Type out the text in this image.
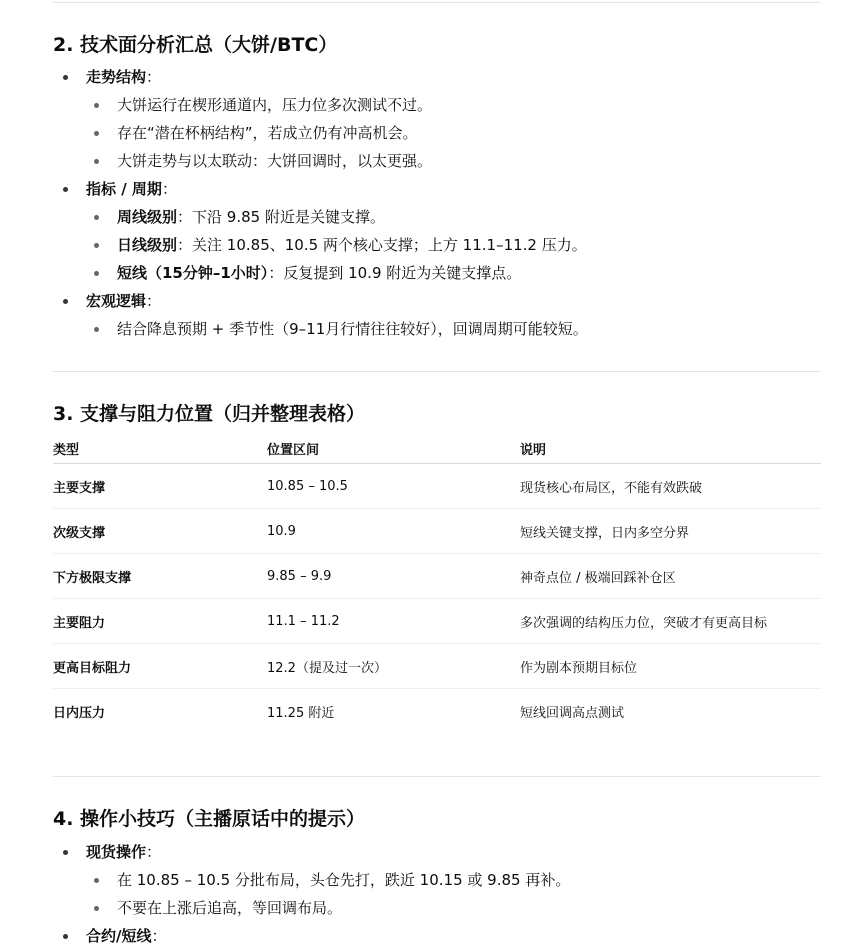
2. 技术面分析汇总（大饼/BTC）
走势结构：
大饼运行在楔形通道内，压力位多次测试不过。
存在“潜在杯柄结构”，若成立仍有冲高机会。
大饼走势与以太联动：大饼回调时，以太更强。
指标 / 周期：
周线级别：下沿 9.85 附近是关键支撑。
日线级别：关注 10.85、10.5 两个核心支撑；上方 11.1–11.2 压力。
短线（15分钟–1小时）：反复提到 10.9 附近为关键支撑点。
宏观逻辑：
结合降息预期 + 季节性（9–11月行情往往较好），回调周期可能较短。
3. 支撑与阻力位置（归并整理表格）
类型	位置区间	说明
主要支撑	10.85 – 10.5	现货核心布局区，不能有效跌破
次级支撑	10.9	短线关键支撑，日内多空分界
下方极限支撑	9.85 – 9.9	神奇点位 / 极端回踩补仓区
主要阻力	11.1 – 11.2	多次强调的结构压力位，突破才有更高目标
更高目标阻力	12.2（提及过一次）	作为剧本预期目标位
日内压力	11.25 附近	短线回调高点测试
4. 操作小技巧（主播原话中的提示）
现货操作：
在 10.85 – 10.5 分批布局，头仓先打，跌近 10.15 或 9.85 再补。
不要在上涨后追高，等回调布局。
合约/短线：
